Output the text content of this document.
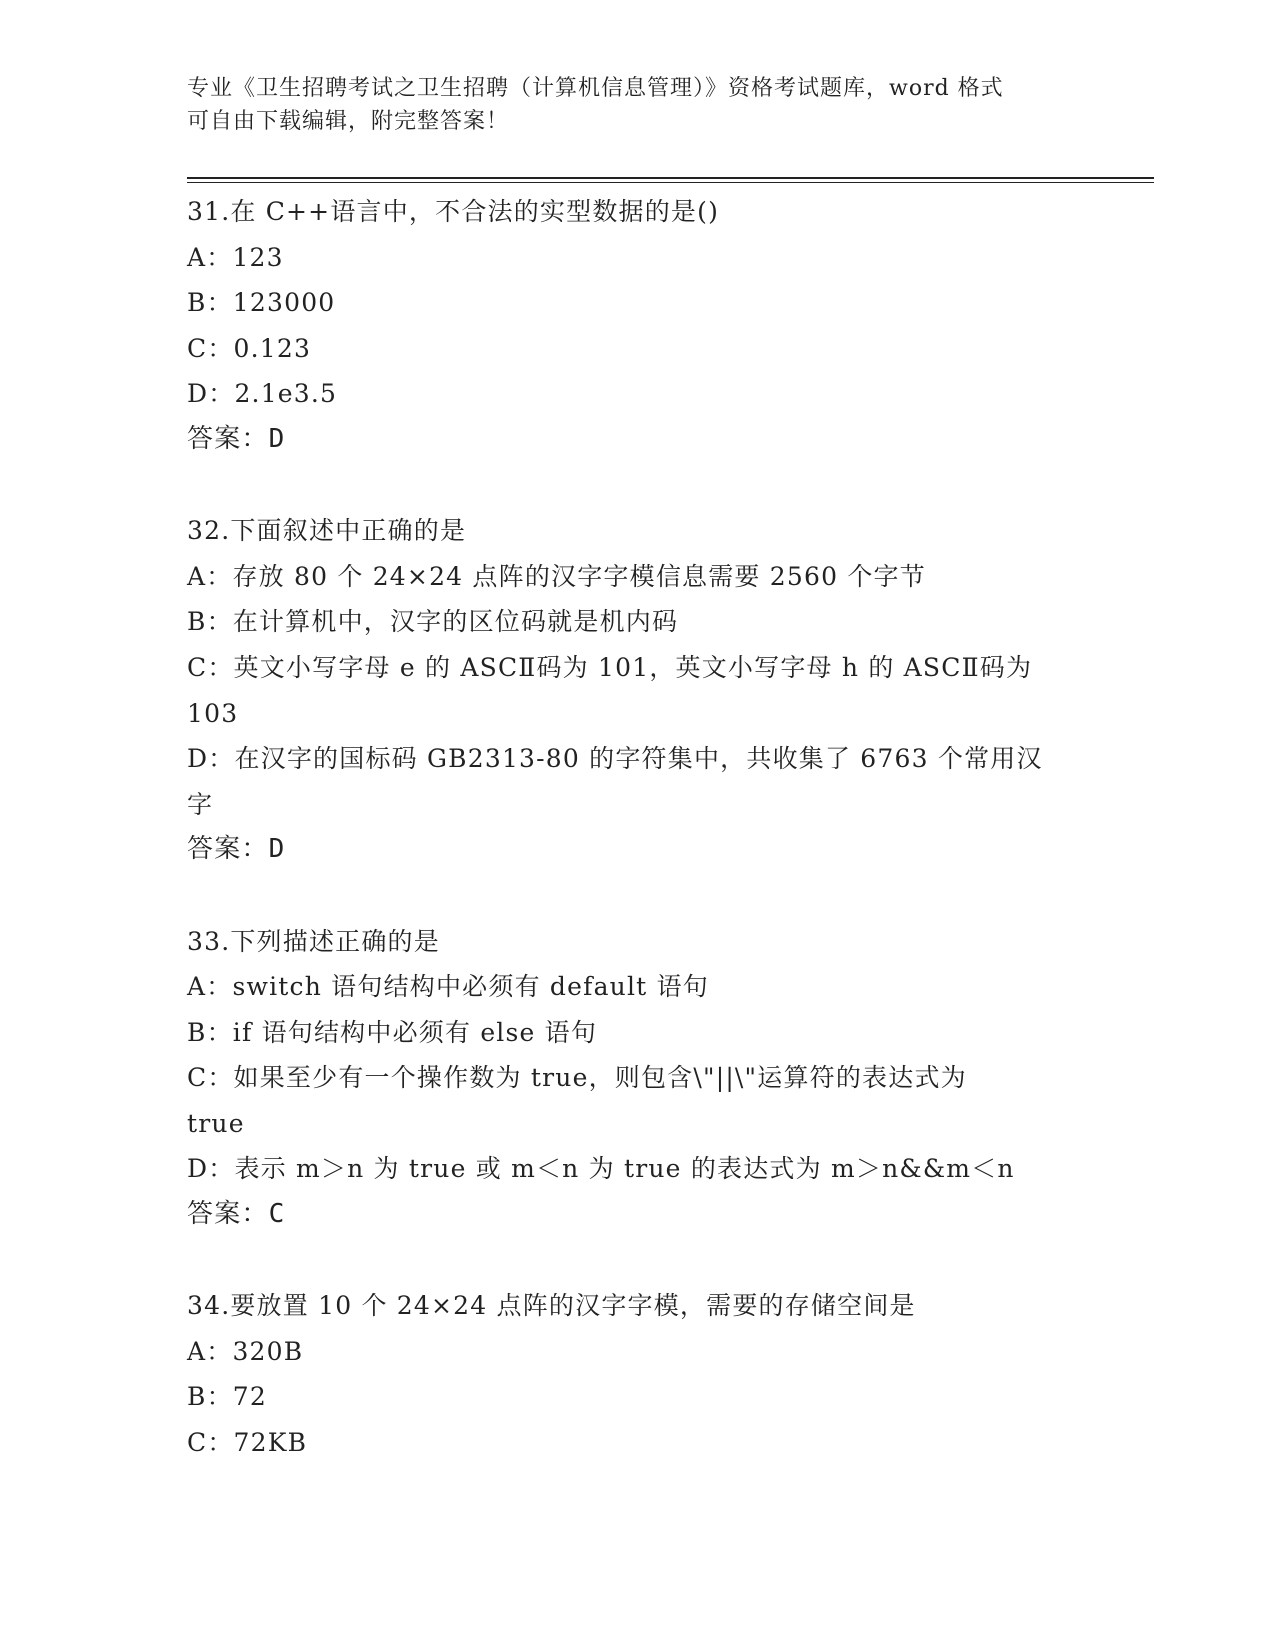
专业《卫生招聘考试之卫生招聘（计算机信息管理）》资格考试题库，word 格式
可自由下载编辑，附完整答案！
31.在 C++语言中，不合法的实型数据的是()
A：123
B：123000
C：0.123
D：2.1e3.5
答案：D
32.下面叙述中正确的是
A：存放 80 个 24×24 点阵的汉字字模信息需要 2560 个字节
B：在计算机中，汉字的区位码就是机内码
C：英文小写字母 e 的 ASCⅡ码为 101，英文小写字母 h 的 ASCⅡ码为
103
D：在汉字的国标码 GB2313-80 的字符集中，共收集了 6763 个常用汉
字
答案：D
33.下列描述正确的是
A：switch 语句结构中必须有 default 语句
B：if 语句结构中必须有 else 语句
C：如果至少有一个操作数为 true，则包含\"||\"运算符的表达式为
true
D：表示 m＞n 为 true 或 m＜n 为 true 的表达式为 m＞n&&m＜n
答案：C
34.要放置 10 个 24×24 点阵的汉字字模，需要的存储空间是
A：320B
B：72
C：72KB
